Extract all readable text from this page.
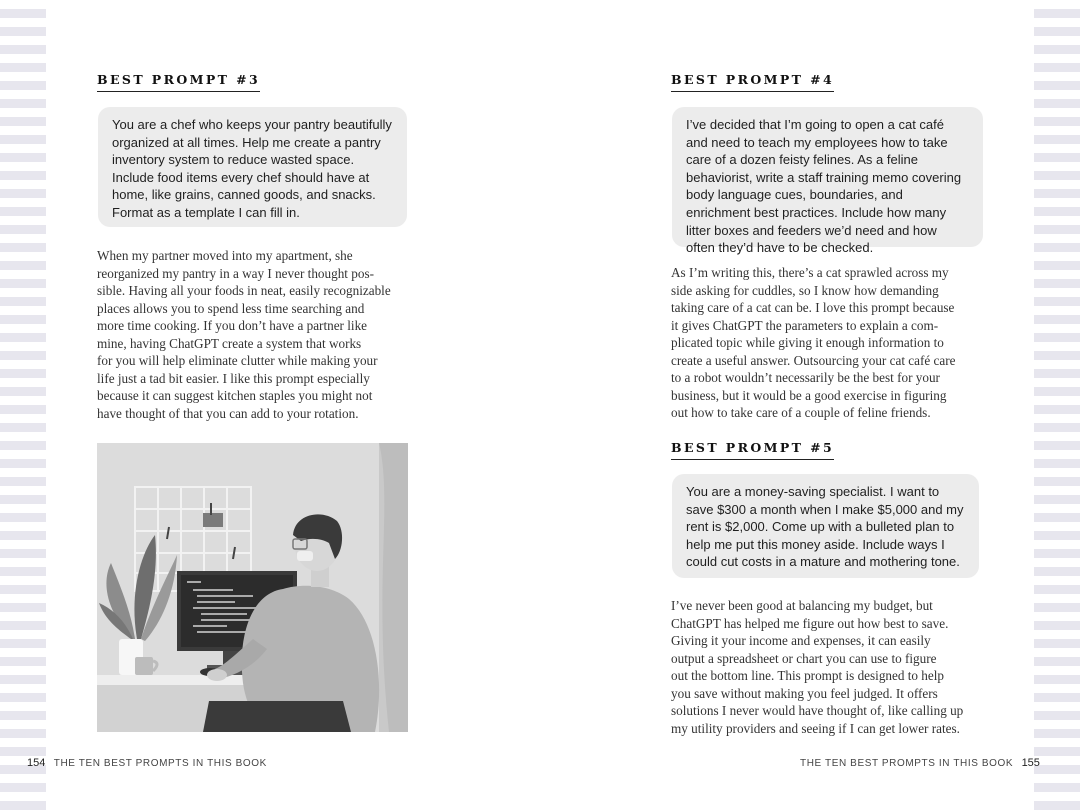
BEST PROMPT #3

You are a chef who keeps your pantry beautifully organized at all times. Help me create a pantry inventory system to reduce wasted space. Include food items every chef should have at home, like grains, canned goods, and snacks. Format as a template I can fill in.

When my partner moved into my apartment, she

reorganized my pantry in a way I never thought pos-

sible. Having all your foods in neat, easily recognizable

places allows you to spend less time searching and

more time cooking. If you don’t have a partner like

mine, having ChatGPT create a system that works

for you will help eliminate clutter while making your

life just a tad bit easier. I like this prompt especially

because it can suggest kitchen staples you might not

have thought of that you can add to your rotation.

154 THE TEN BEST PROMPTS IN THIS BOOK
BEST PROMPT #4

I’ve decided that I’m going to open a cat café and need to teach my employees how to take care of a dozen feisty felines. As a feline behaviorist, write a staff training memo covering body language cues, boundaries, and enrichment best practices. Include how many litter boxes and feeders we’d need and how often they’d have to be checked.

As I’m writing this, there’s a cat sprawled across my

side asking for cuddles, so I know how demanding

taking care of a cat can be. I love this prompt because

it gives ChatGPT the parameters to explain a com-

plicated topic while giving it enough information to

create a useful answer. Outsourcing your cat café care

to a robot wouldn’t necessarily be the best for your

business, but it would be a good exercise in figuring

out how to take care of a couple of feline friends.

BEST PROMPT #5

You are a money-saving specialist. I want to save $300 a month when I make $5,000 and my rent is $2,000. Come up with a bulleted plan to help me put this money aside. Include ways I could cut costs in a mature and mothering tone.

I’ve never been good at balancing my budget, but

ChatGPT has helped me figure out how best to save.

Giving it your income and expenses, it can easily

output a spreadsheet or chart you can use to figure

out the bottom line. This prompt is designed to help

you save without making you feel judged. It offers

solutions I never would have thought of, like calling up

my utility providers and seeing if I can get lower rates.

THE TEN BEST PROMPTS IN THIS BOOK 155
